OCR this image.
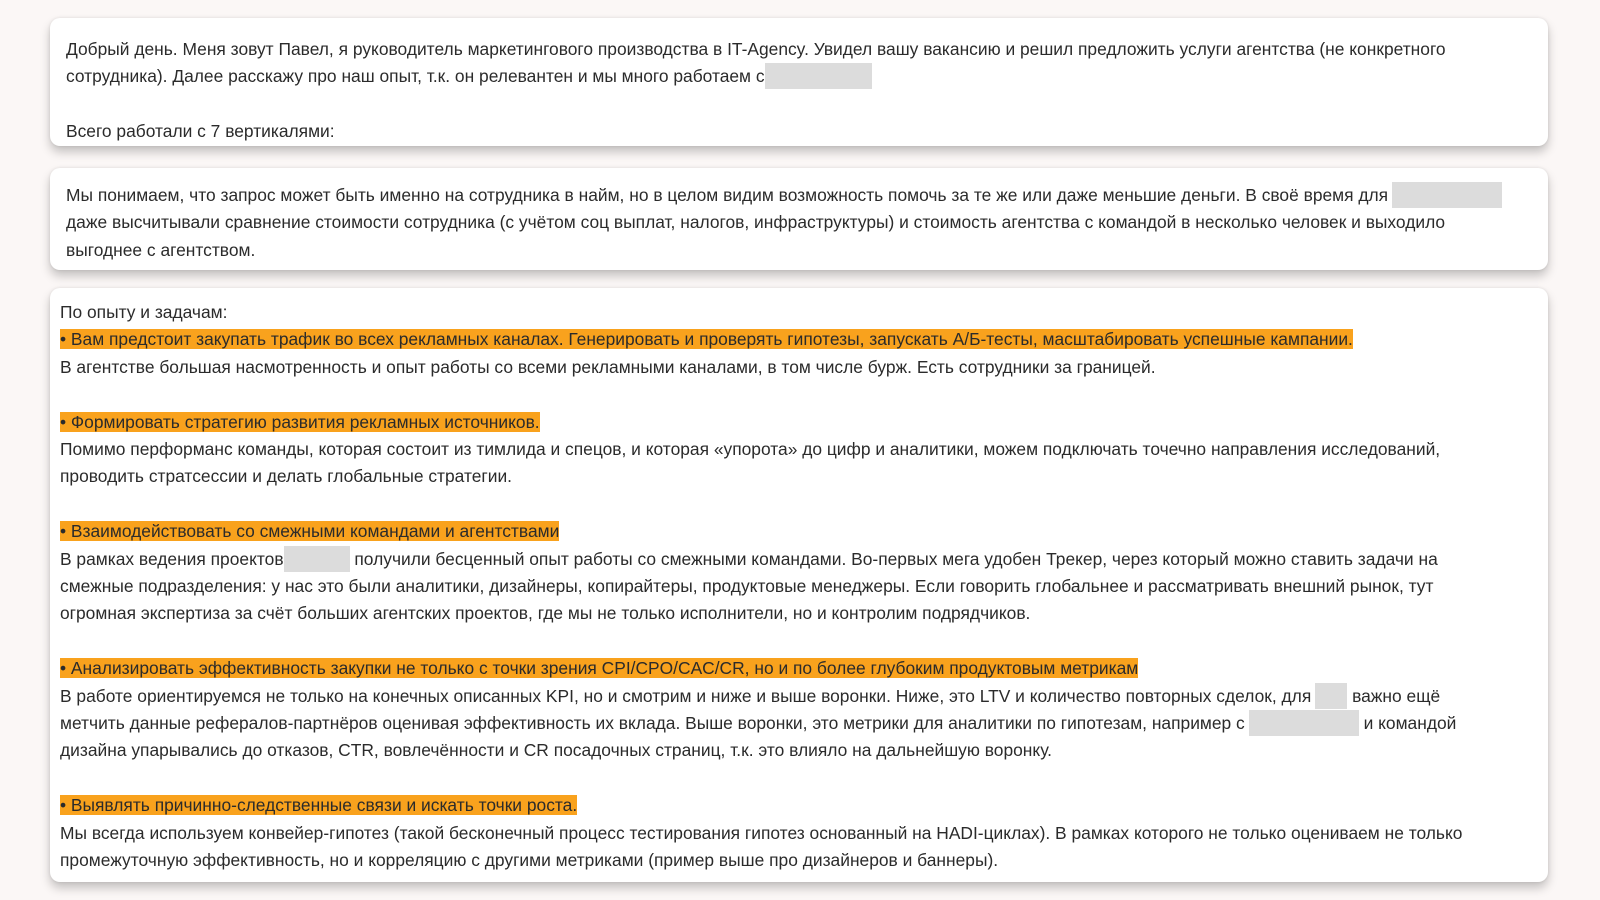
Добрый день. Меня зовут Павел, я руководитель маркетингового производства в IT-Agency. Увидел вашу вакансию и решил предложить услуги агентства (не конкретного

сотрудника). Далее расскажу про наш опыт, т.к. он релевантен и мы много работаем с

Всего работали с 7 вертикалями:

Мы понимаем, что запрос может быть именно на сотрудника в найм, но в целом видим возможность помочь за те же или даже меньшие деньги. В своё время для

даже высчитывали сравнение стоимости сотрудника (с учётом соц выплат, налогов, инфраструктуры) и стоимость агентства с командой в несколько человек и выходило

выгоднее с агентством.

По опыту и задачам:

• Вам предстоит закупать трафик во всех рекламных каналах. Генерировать и проверять гипотезы, запускать А/Б-тесты, масштабировать успешные кампании.

В агентстве большая насмотренность и опыт работы со всеми рекламными каналами, в том числе бурж. Есть сотрудники за границей.

• Формировать стратегию развития рекламных источников.

Помимо перформанс команды, которая состоит из тимлида и спецов, и которая «упорота» до цифр и аналитики, можем подключать точечно направления исследований,

проводить стратсессии и делать глобальные стратегии.

• Взаимодействовать со смежными командами и агентствами

В рамках ведения проектов	получили бесценный опыт работы со смежными командами. Во-первых мега удобен Трекер, через который можно ставить задачи на

смежные подразделения: у нас это были аналитики, дизайнеры, копирайтеры, продуктовые менеджеры. Если говорить глобальнее и рассматривать внешний рынок, тут

огромная экспертиза за счёт больших агентских проектов, где мы не только исполнители, но и контролим подрядчиков.

• Анализировать эффективность закупки не только с точки зрения CPI/CPO/CAC/CR, но и по более глубоким продуктовым метрикам

В работе ориентируемся не только на конечных описанных KPI, но и смотрим и ниже и выше воронки. Ниже, это LTV и количество повторных сделок, для важно ещё

метчить данные рефералов-партнёров оценивая эффективность их вклада. Выше воронки, это метрики для аналитики по гипотезам, например с	и командой

дизайна упарывались до отказов, CTR, вовлечённости и CR посадочных страниц, т.к. это влияло на дальнейшую воронку.

• Выявлять причинно-следственные связи и искать точки роста.

Мы всегда используем конвейер-гипотез (такой бесконечный процесс тестирования гипотез основанный на HADI-циклах). В рамках которого не только оцениваем не только

промежуточную эффективность, но и корреляцию с другими метриками (пример выше про дизайнеров и баннеры).
